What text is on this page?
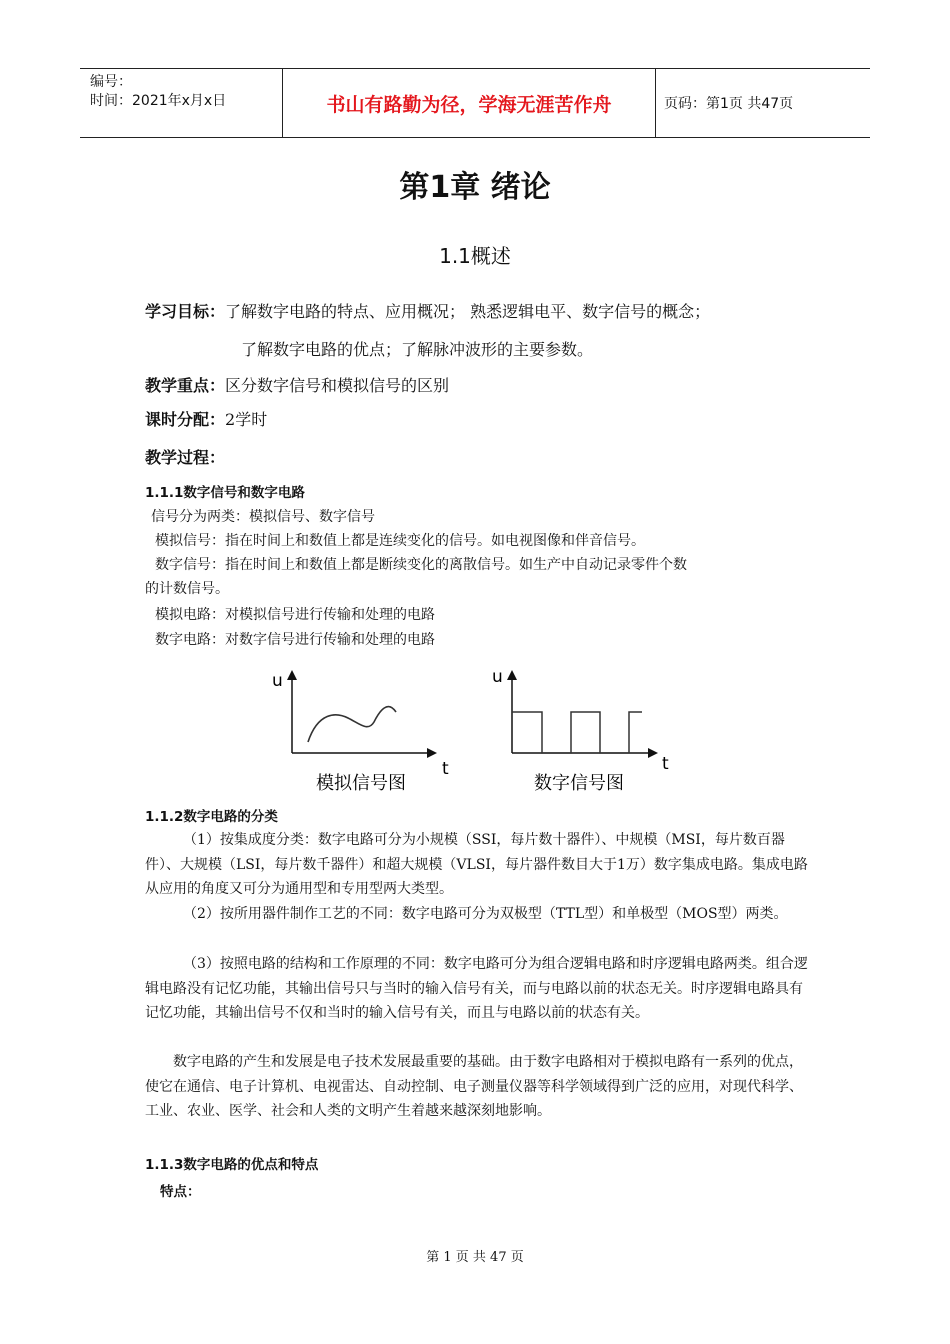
编号：
时间：2021年x月x日	书山有路勤为径，学海无涯苦作舟	页码：第1页 共47页
第1章 绪论
1.1概述
学习目标：了解数字电路的特点、应用概况； 熟悉逻辑电平、数字信号的概念；
了解数字电路的优点；了解脉冲波形的主要参数。
教学重点：区分数字信号和模拟信号的区别
课时分配：2学时
教学过程：
1.1.1数字信号和数字电路
信号分为两类：模拟信号、数字信号
模拟信号：指在时间上和数值上都是连续变化的信号。如电视图像和伴音信号。
数字信号：指在时间上和数值上都是断续变化的离散信号。如生产中自动记录零件个数
的计数信号。
模拟电路：对模拟信号进行传输和处理的电路
数字电路：对数字信号进行传输和处理的电路
u
t
模拟信号图
u
t
数字信号图
1.1.2数字电路的分类
（1）按集成度分类：数字电路可分为小规模（SSI，每片数十器件）、中规模（MSI，每片数百器件）、大规模（LSI，每片数千器件）和超大规模（VLSI，每片器件数目大于1万）数字集成电路。集成电路从应用的角度又可分为通用型和专用型两大类型。
（2）按所用器件制作工艺的不同：数字电路可分为双极型（TTL型）和单极型（MOS型）两类。
（3）按照电路的结构和工作原理的不同：数字电路可分为组合逻辑电路和时序逻辑电路两类。组合逻辑电路没有记忆功能，其输出信号只与当时的输入信号有关，而与电路以前的状态无关。时序逻辑电路具有记忆功能，其输出信号不仅和当时的输入信号有关，而且与电路以前的状态有关。
数字电路的产生和发展是电子技术发展最重要的基础。由于数字电路相对于模拟电路有一系列的优点，使它在通信、电子计算机、电视雷达、自动控制、电子测量仪器等科学领域得到广泛的应用，对现代科学、工业、农业、医学、社会和人类的文明产生着越来越深刻地影响。
1.1.3数字电路的优点和特点
特点：
第 1 页 共 47 页
